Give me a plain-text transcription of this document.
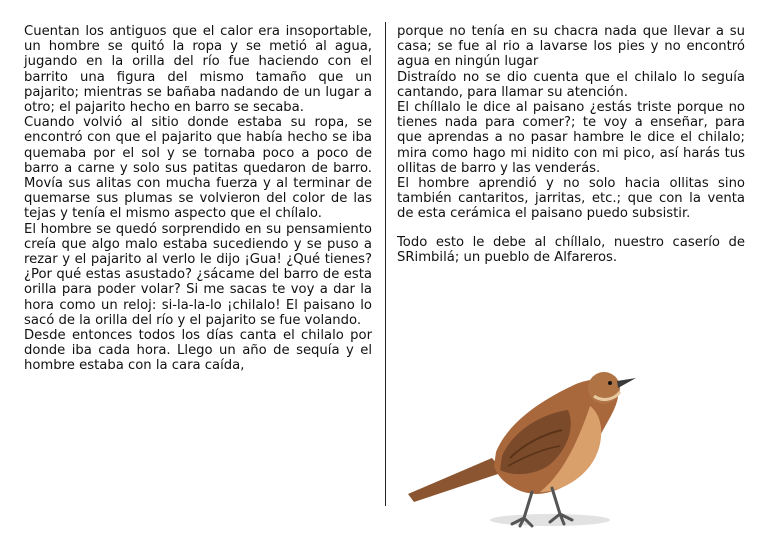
Cuentan los antiguos que el calor era insoportable, un hombre se quitó la ropa y se metió al agua, jugando en la orilla del río fue haciendo con el barrito una figura del mismo tamaño que un pajarito; mientras se bañaba nadando de un lugar a otro; el pajarito hecho en barro se secaba.

Cuando volvió al sitio donde estaba su ropa, se encontró con que el pajarito que había hecho se iba quemaba por el sol y se tornaba poco a poco de barro a carne y solo sus patitas quedaron de barro. Movía sus alitas con mucha fuerza y al terminar de quemarse sus plumas se volvieron del color de las tejas y tenía el mismo aspecto que el chílalo.

El hombre se quedó sorprendido en su pensamiento creía que algo malo estaba sucediendo y se puso a rezar y el pajarito al verlo le dijo ¡Gua! ¿Qué tienes? ¿Por qué estas asustado? ¿sácame del barro de esta orilla para poder volar? Si me sacas te voy a dar la hora como un reloj: si-la-la-lo ¡chilalo! El paisano lo sacó de la orilla del río y el pajarito se fue volando.

Desde entonces todos los días canta el chilalo por donde iba cada hora. Llego un año de sequía y el hombre estaba con la cara caída,

porque no tenía en su chacra nada que llevar a su casa; se fue al rio a lavarse los pies y no encontró agua en ningún lugar

Distraído no se dio cuenta que el chilalo lo seguía cantando, para llamar su atención.

El chíllalo le dice al paisano ¿estás triste porque no tienes nada para comer?; te voy a enseñar, para que aprendas a no pasar hambre le dice el chilalo; mira como hago mi nidito con mi pico, así harás tus ollitas de barro y las venderás.

El hombre aprendió y no solo hacia ollitas sino también cantaritos, jarritas, etc.; que con la venta de esta cerámica el paisano puedo subsistir.

Todo esto le debe al chíllalo, nuestro caserío de SRimbilá; un pueblo de Alfareros.
